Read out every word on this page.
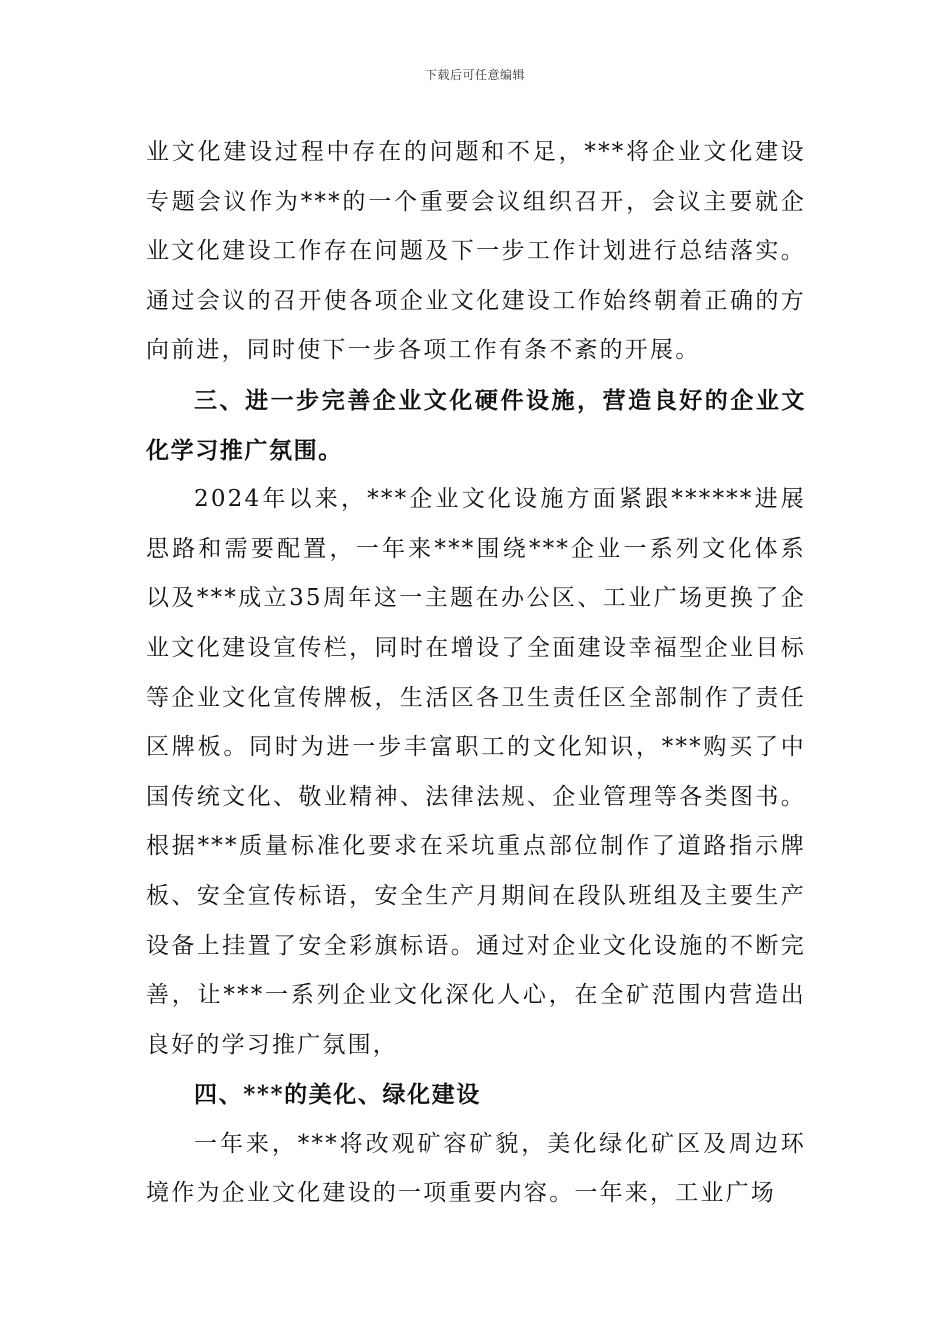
下载后可任意编辑

业文化建设过程中存在的问题和不足，***将企业文化建设专题会议作为***的一个重要会议组织召开，会议主要就企业文化建设工作存在问题及下一步工作计划进行总结落实。通过会议的召开使各项企业文化建设工作始终朝着正确的方向前进，同时使下一步各项工作有条不紊的开展。

三、进一步完善企业文化硬件设施，营造良好的企业文化学习推广氛围。

2024年以来，***企业文化设施方面紧跟******进展思路和需要配置，一年来***围绕***企业一系列文化体系以及***成立35周年这一主题在办公区、工业广场更换了企业文化建设宣传栏，同时在增设了全面建设幸福型企业目标等企业文化宣传牌板，生活区各卫生责任区全部制作了责任区牌板。同时为进一步丰富职工的文化知识，***购买了中国传统文化、敬业精神、法律法规、企业管理等各类图书。根据***质量标准化要求在采坑重点部位制作了道路指示牌板、安全宣传标语，安全生产月期间在段队班组及主要生产设备上挂置了安全彩旗标语。通过对企业文化设施的不断完善，让***一系列企业文化深化人心，在全矿范围内营造出良好的学习推广氛围，

四、***的美化、绿化建设

一年来，***将改观矿容矿貌，美化绿化矿区及周边环境作为企业文化建设的一项重要内容。一年来，工业广场
